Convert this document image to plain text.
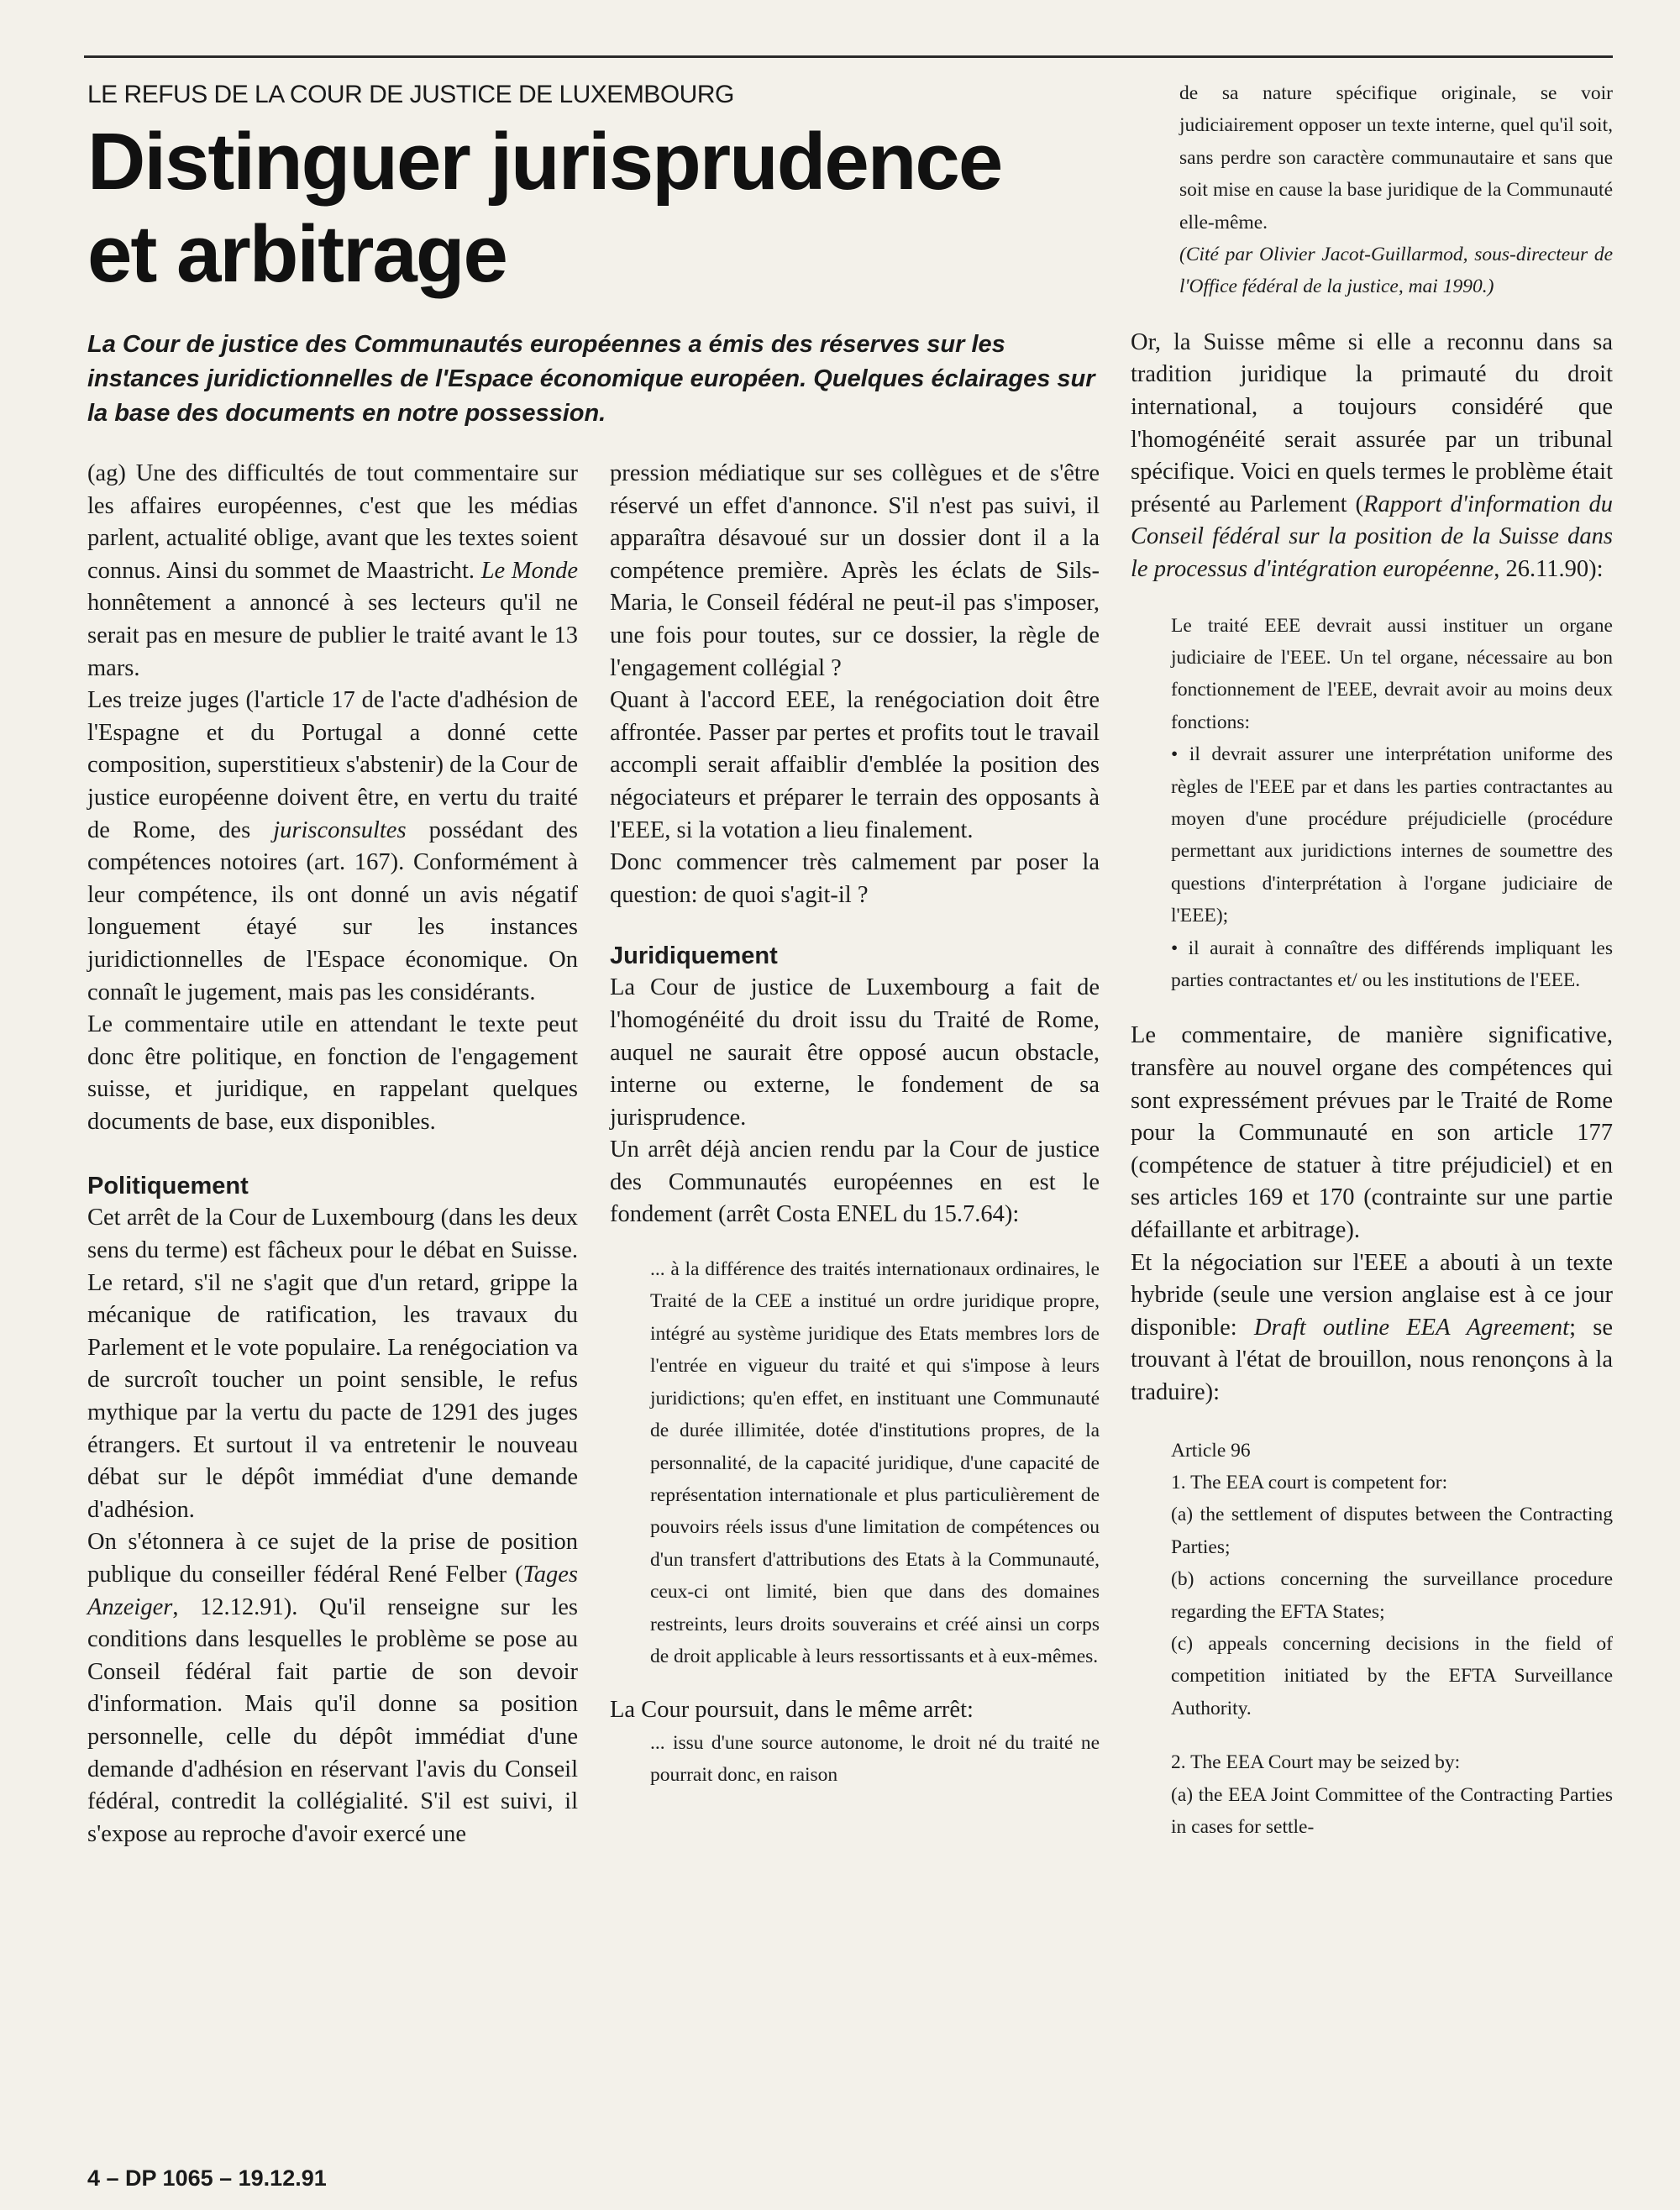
LE REFUS DE LA COUR DE JUSTICE DE LUXEMBOURG
Distinguer jurisprudence
et arbitrage

La Cour de justice des Communautés européennes a émis des réserves sur les instances juridictionnelles de l'Espace économique européen. Quelques éclairages sur la base des documents en notre possession.

(ag) Une des difficultés de tout commentaire sur les affaires européennes, c'est que les médias parlent, actualité oblige, avant que les textes soient connus. Ainsi du sommet de Maastricht. Le Monde honnêtement a annoncé à ses lecteurs qu'il ne serait pas en mesure de publier le traité avant le 13 mars.

Les treize juges (l'article 17 de l'acte d'adhésion de l'Espagne et du Portugal a donné cette composition, superstitieux s'abstenir) de la Cour de justice européenne doivent être, en vertu du traité de Rome, des jurisconsultes possédant des compétences notoires (art. 167). Conformément à leur compétence, ils ont donné un avis négatif longuement étayé sur les instances juridictionnelles de l'Espace économique. On connaît le jugement, mais pas les considérants.

Le commentaire utile en attendant le texte peut donc être politique, en fonction de l'engagement suisse, et juridique, en rappelant quelques documents de base, eux disponibles.

Politiquement

Cet arrêt de la Cour de Luxembourg (dans les deux sens du terme) est fâcheux pour le débat en Suisse. Le retard, s'il ne s'agit que d'un retard, grippe la mécanique de ratification, les travaux du Parlement et le vote populaire. La renégociation va de surcroît toucher un point sensible, le refus mythique par la vertu du pacte de 1291 des juges étrangers. Et surtout il va entretenir le nouveau débat sur le dépôt immédiat d'une demande d'adhésion.

On s'étonnera à ce sujet de la prise de position publique du conseiller fédéral René Felber (Tages Anzeiger, 12.12.91). Qu'il renseigne sur les conditions dans lesquelles le problème se pose au Conseil fédéral fait partie de son devoir d'information. Mais qu'il donne sa position personnelle, celle du dépôt immédiat d'une demande d'adhésion en réservant l'avis du Conseil fédéral, contredit la collégialité. S'il est suivi, il s'expose au reproche d'avoir exercé une

pression médiatique sur ses collègues et de s'être réservé un effet d'annonce. S'il n'est pas suivi, il apparaîtra désavoué sur un dossier dont il a la compétence première. Après les éclats de Sils-Maria, le Conseil fédéral ne peut-il pas s'imposer, une fois pour toutes, sur ce dossier, la règle de l'engagement collégial ?

Quant à l'accord EEE, la renégociation doit être affrontée. Passer par pertes et profits tout le travail accompli serait affaiblir d'emblée la position des négociateurs et préparer le terrain des opposants à l'EEE, si la votation a lieu finalement.

Donc commencer très calmement par poser la question: de quoi s'agit-il ?

Juridiquement

La Cour de justice de Luxembourg a fait de l'homogénéité du droit issu du Traité de Rome, auquel ne saurait être opposé aucun obstacle, interne ou externe, le fondement de sa jurisprudence.

Un arrêt déjà ancien rendu par la Cour de justice des Communautés européennes en est le fondement (arrêt Costa ENEL du 15.7.64):

... à la différence des traités internationaux ordinaires, le Traité de la CEE a institué un ordre juridique propre, intégré au système juridique des Etats membres lors de l'entrée en vigueur du traité et qui s'impose à leurs juridictions; qu'en effet, en instituant une Communauté de durée illimitée, dotée d'institutions propres, de la personnalité, de la capacité juridique, d'une capacité de représentation internationale et plus particulièrement de pouvoirs réels issus d'une limitation de compétences ou d'un transfert d'attributions des Etats à la Communauté, ceux-ci ont limité, bien que dans des domaines restreints, leurs droits souverains et créé ainsi un corps de droit applicable à leurs ressortissants et à eux-mêmes.

La Cour poursuit, dans le même arrêt:

... issu d'une source autonome, le droit né du traité ne pourrait donc, en raison

de sa nature spécifique originale, se voir judiciairement opposer un texte interne, quel qu'il soit, sans perdre son caractère communautaire et sans que soit mise en cause la base juridique de la Communauté elle-même.

(Cité par Olivier Jacot-Guillarmod, sous-directeur de l'Office fédéral de la justice, mai 1990.)

Or, la Suisse même si elle a reconnu dans sa tradition juridique la primauté du droit international, a toujours considéré que l'homogénéité serait assurée par un tribunal spécifique. Voici en quels termes le problème était présenté au Parlement (Rapport d'information du Conseil fédéral sur la position de la Suisse dans le processus d'intégration européenne, 26.11.90):

Le traité EEE devrait aussi instituer un organe judiciaire de l'EEE. Un tel organe, nécessaire au bon fonctionnement de l'EEE, devrait avoir au moins deux fonctions:

• il devrait assurer une interprétation uniforme des règles de l'EEE par et dans les parties contractantes au moyen d'une procédure préjudicielle (procédure permettant aux juridictions internes de soumettre des questions d'interprétation à l'organe judiciaire de l'EEE);

• il aurait à connaître des différends impliquant les parties contractantes et/ ou les institutions de l'EEE.

Le commentaire, de manière significative, transfère au nouvel organe des compétences qui sont expressément prévues par le Traité de Rome pour la Communauté en son article 177 (compétence de statuer à titre préjudiciel) et en ses articles 169 et 170 (contrainte sur une partie défaillante et arbitrage).

Et la négociation sur l'EEE a abouti à un texte hybride (seule une version anglaise est à ce jour disponible: Draft outline EEA Agreement; se trouvant à l'état de brouillon, nous renonçons à la traduire):

Article 96

1. The EEA court is competent for:

(a) the settlement of disputes between the Contracting Parties;

(b) actions concerning the surveillance procedure regarding the EFTA States;

(c) appeals concerning decisions in the field of competition initiated by the EFTA Surveillance Authority.

2. The EEA Court may be seized by:

(a) the EEA Joint Committee of the Contracting Parties in cases for settle-

4 – DP 1065 – 19.12.91
